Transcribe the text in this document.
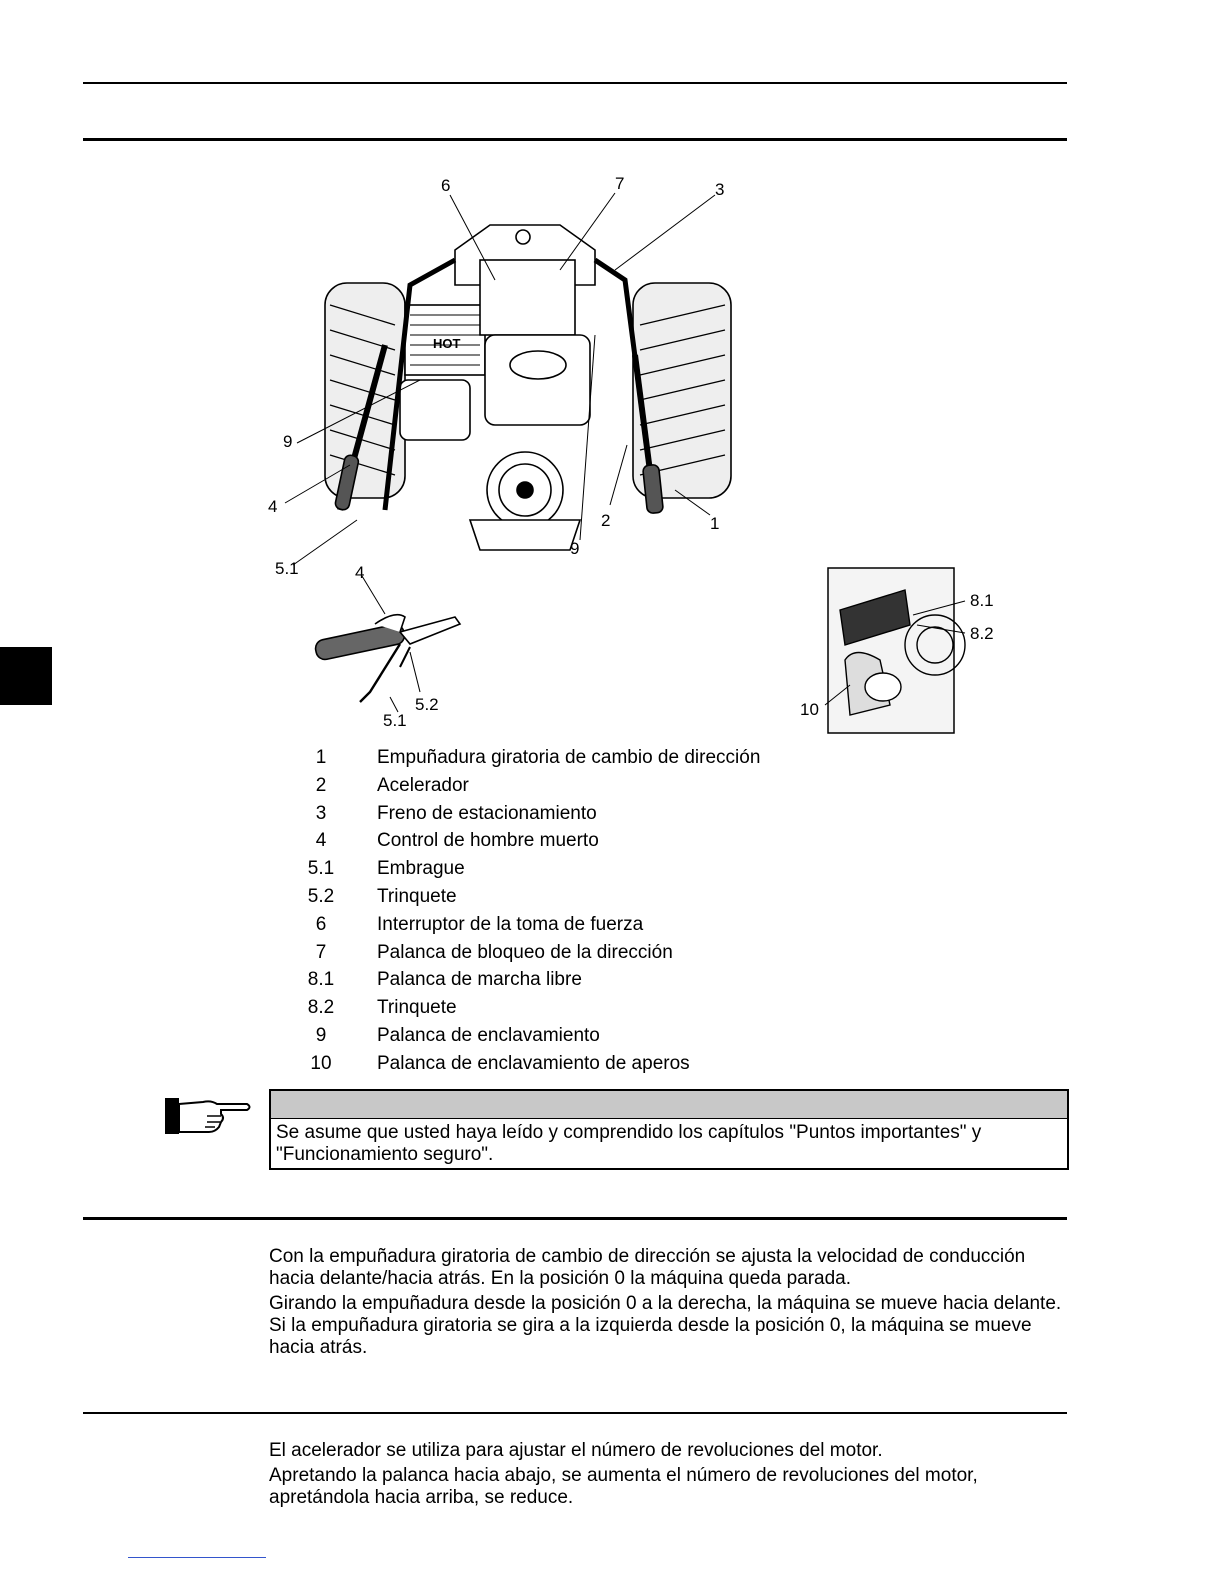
HOT
6	7	3
9
4
5.1
2
9
1
4
5.2
5.1
8.1
8.2
10
1	Empuñadura giratoria de cambio de dirección
2	Acelerador
3	Freno de estacionamiento
4	Control de hombre muerto
5.1	Embrague
5.2	Trinquete
6	Interruptor de la toma de fuerza
7	Palanca de bloqueo de la dirección
8.1	Palanca de marcha libre
8.2	Trinquete
9	Palanca de enclavamiento
10	Palanca de enclavamiento de aperos
Se asume que usted haya leído y comprendido los capítulos "Puntos importantes" y "Funcionamiento seguro".

Con la empuñadura giratoria de cambio de dirección se ajusta la velocidad de conducción hacia delante/hacia atrás. En la posición 0 la máquina queda parada.

Girando la empuñadura desde la posición 0 a la derecha, la máquina se mueve hacia delante. Si la empuñadura giratoria se gira a la izquierda desde la posición 0, la máquina se mueve hacia atrás.

El acelerador se utiliza para ajustar el número de revoluciones del motor.

Apretando la palanca hacia abajo, se aumenta el número de revoluciones del motor, apretándola hacia arriba, se reduce.
